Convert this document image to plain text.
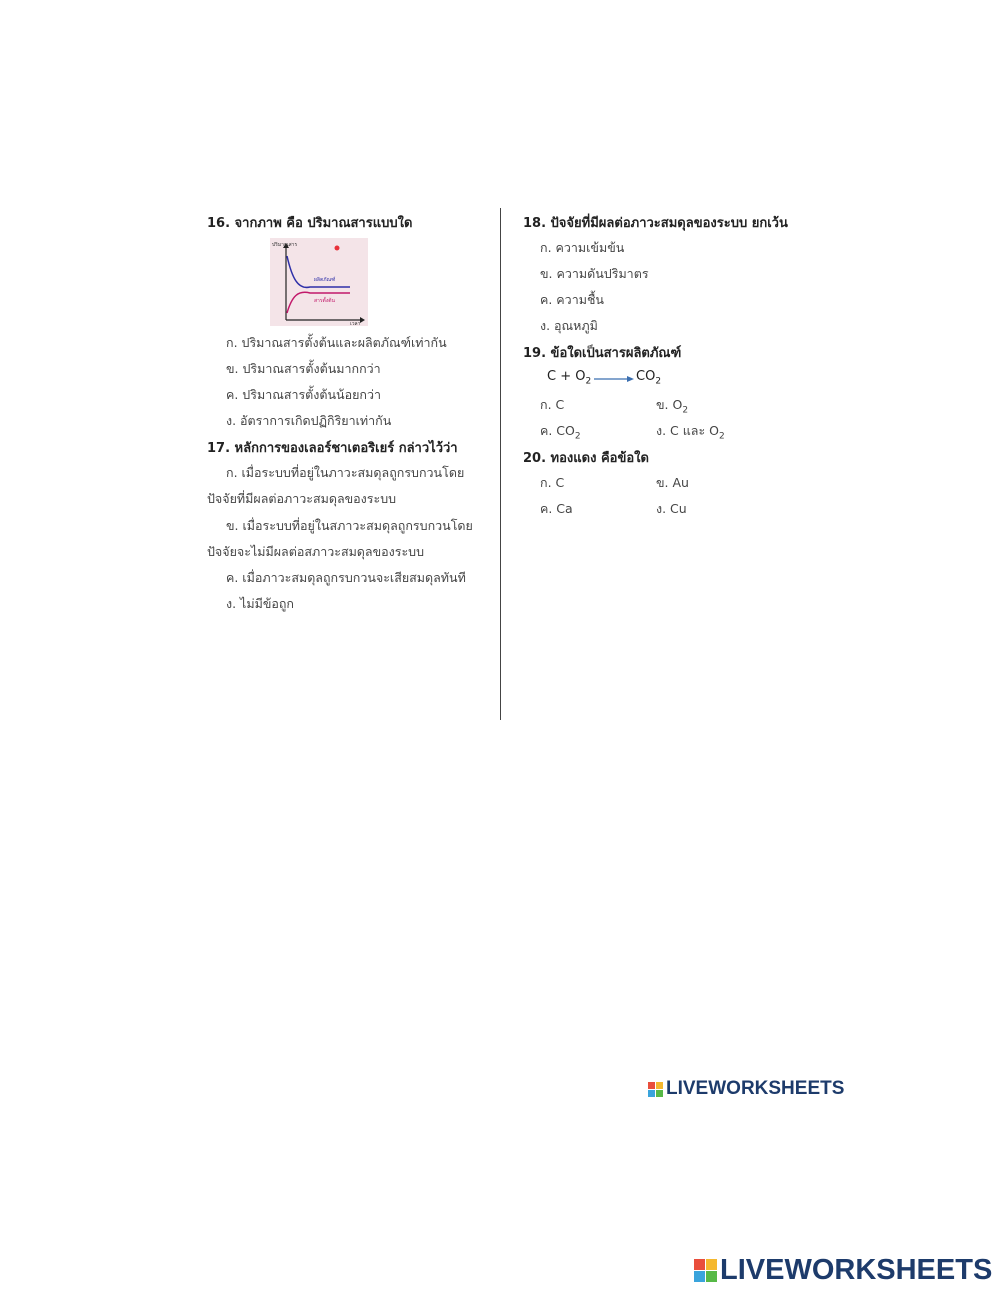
16. จากภาพ คือ ปริมาณสารแบบใด
ปริมาณสาร
เวลา
ผลิตภัณฑ์
สารตั้งต้น
ก. ปริมาณสารตั้งต้นและผลิตภัณฑ์เท่ากัน
ข. ปริมาณสารตั้งต้นมากกว่า
ค. ปริมาณสารตั้งต้นน้อยกว่า
ง. อัตราการเกิดปฏิกิริยาเท่ากัน
17. หลักการของเลอร์ชาเตอริเยร์ กล่าวไว้ว่า
ก. เมื่อระบบที่อยู่ในภาวะสมดุลถูกรบกวนโดย
ปัจจัยที่มีผลต่อภาวะสมดุลของระบบ
ข. เมื่อระบบที่อยู่ในสภาวะสมดุลถูกรบกวนโดย
ปัจจัยจะไม่มีผลต่อสภาวะสมดุลของระบบ
ค. เมื่อภาวะสมดุลถูกรบกวนจะเสียสมดุลทันที
ง. ไม่มีข้อถูก
18. ปัจจัยที่มีผลต่อภาวะสมดุลของระบบ ยกเว้น
ก. ความเข้มข้น
ข. ความดันปริมาตร
ค. ความชื้น
ง. อุณหภูมิ
19. ข้อใดเป็นสารผลิตภัณฑ์
$C + O_2 \to CO_2$
ก. C	ข. $O_2$
ค. $CO_2$	ง. C และ $O_2$
20. ทองแดง คือข้อใด
ก. C	ข. Au
ค. Ca	ง. Cu
LIVEWORKSHEETS
LIVEWORKSHEETS
